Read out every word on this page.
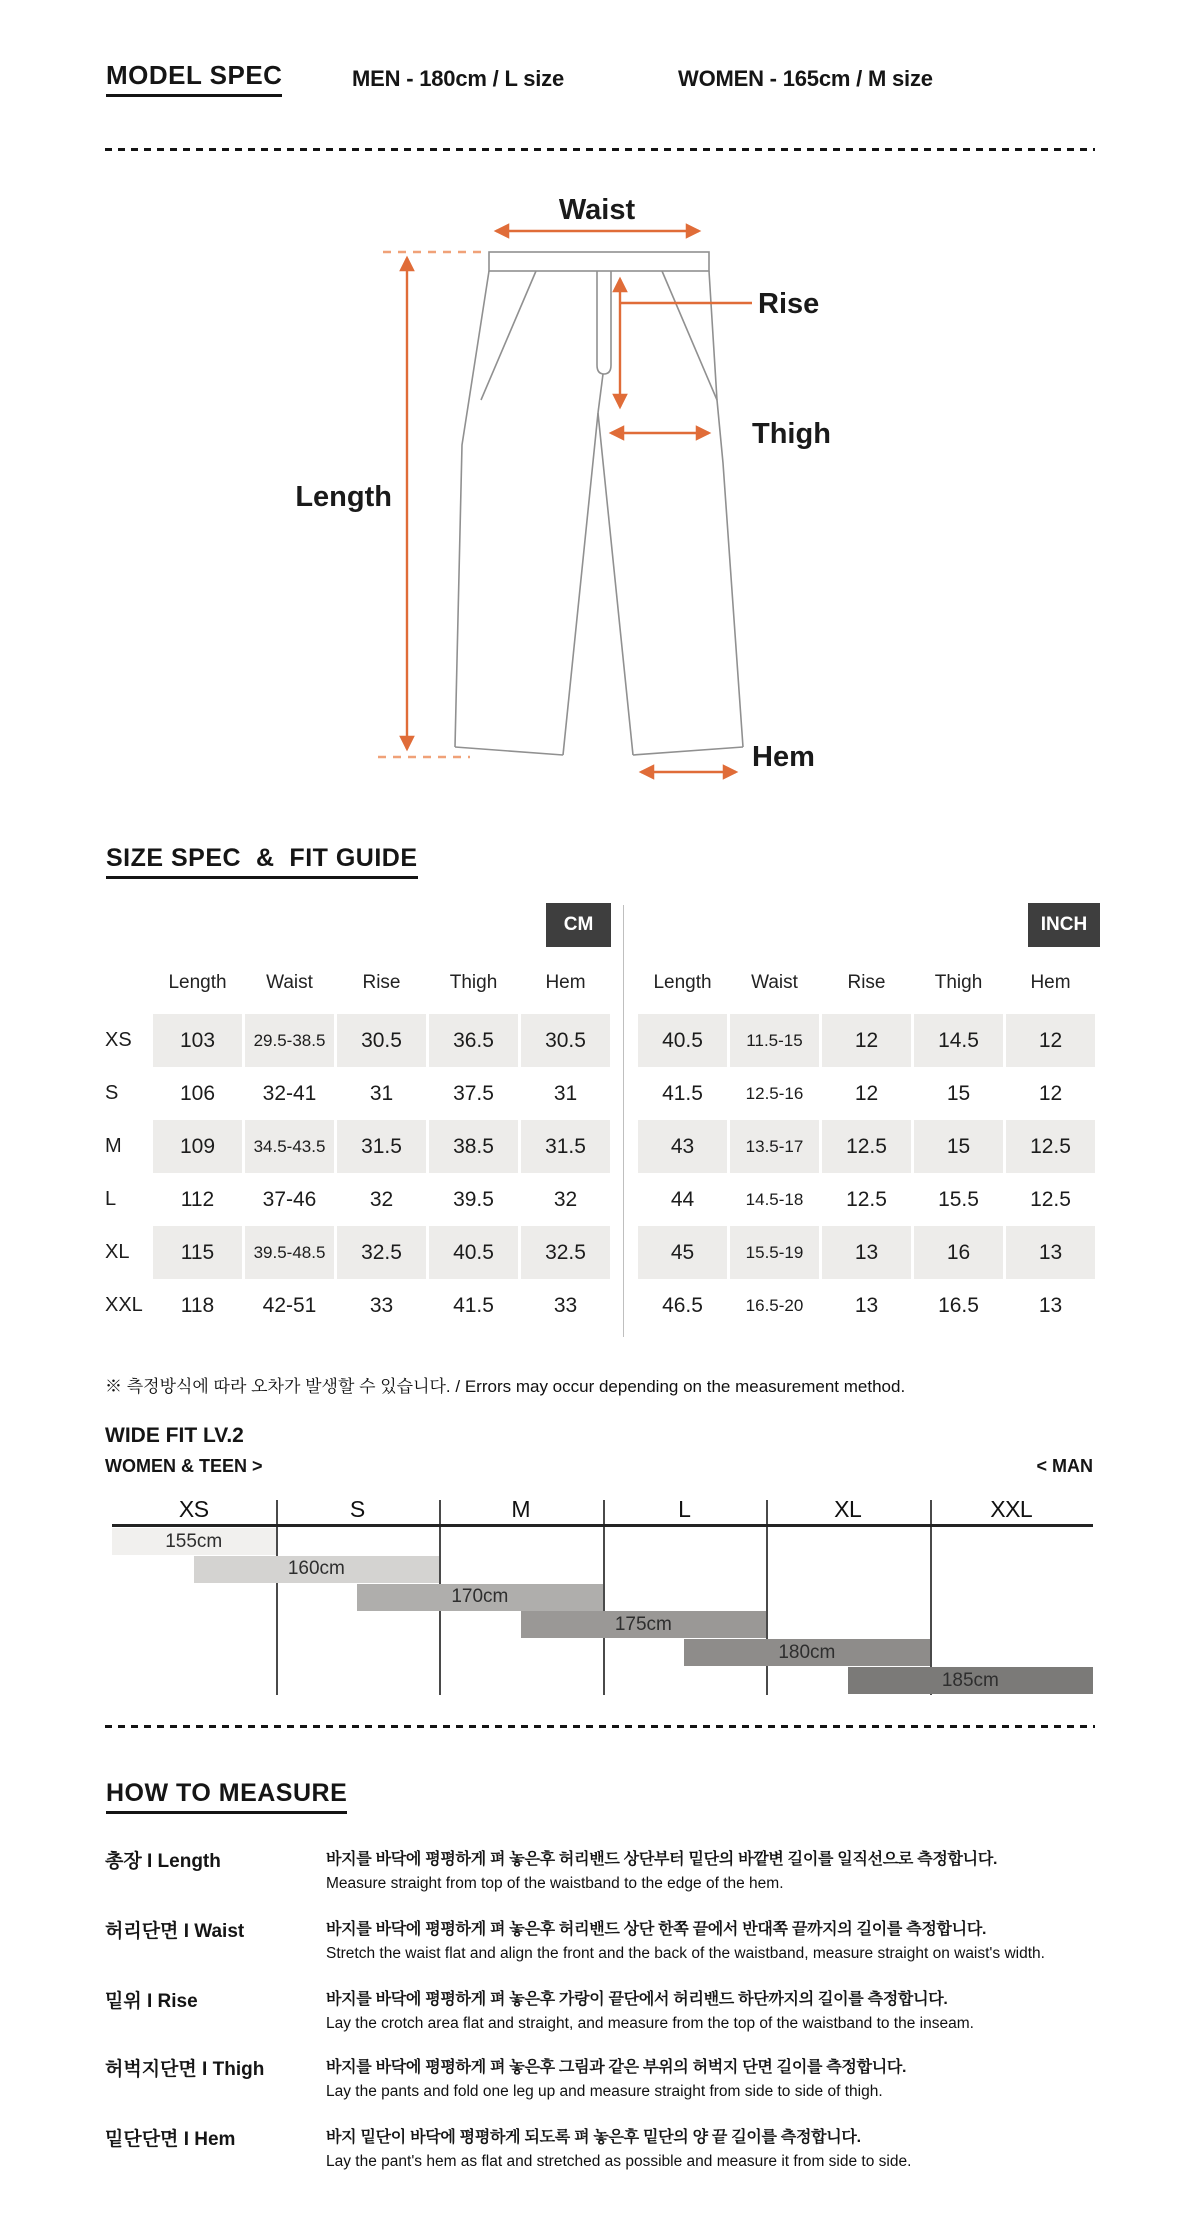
MODEL SPEC	MEN - 180cm / L size	WOMEN - 165cm / M size
Waist
Rise
Thigh
Length
Hem
SIZE SPEC  &  FIT GUIDE
CM	INCH
Length	Waist	Rise	Thigh	Hem
XS	103	29.5-38.5	30.5	36.5	30.5
S	106	32-41	31	37.5	31
M	109	34.5-43.5	31.5	38.5	31.5
L	112	37-46	32	39.5	32
XL	115	39.5-48.5	32.5	40.5	32.5
XXL	118	42-51	33	41.5	33
Length	Waist	Rise	Thigh	Hem
40.5	11.5-15	12	14.5	12
41.5	12.5-16	12	15	12
43	13.5-17	12.5	15	12.5
44	14.5-18	12.5	15.5	12.5
45	15.5-19	13	16	13
46.5	16.5-20	13	16.5	13
※ 측정방식에 따라 오차가 발생할 수 있습니다. / Errors may occur depending on the measurement method.
WIDE FIT LV.2
WOMEN & TEEN >	< MAN
XS	S	M	L	XL	XXL
155cm
160cm
170cm
175cm
180cm
185cm
HOW TO MEASURE
총장 I Length	바지를 바닥에 평평하게 펴 놓은후 허리밴드 상단부터 밑단의 바깥변 길이를 일직선으로 측정합니다.
Measure straight from top of the waistband to the edge of the hem.
허리단면 I Waist	바지를 바닥에 평평하게 펴 놓은후 허리밴드 상단 한쪽 끝에서 반대쪽 끝까지의 길이를 측정합니다.
Stretch the waist flat and align the front and the back of the waistband, measure straight on waist's width.
밑위 I Rise	바지를 바닥에 평평하게 펴 놓은후 가랑이 끝단에서 허리밴드 하단까지의 길이를 측정합니다.
Lay the crotch area flat and straight, and measure from the top of the waistband to the inseam.
허벅지단면 I Thigh	바지를 바닥에 평평하게 펴 놓은후 그림과 같은 부위의 허벅지 단면 길이를 측정합니다.
Lay the pants and fold one leg up and measure straight from side to side of thigh.
밑단단면 I Hem	바지 밑단이 바닥에 평평하게 되도록 펴 놓은후 밑단의 양 끝 길이를 측정합니다.
Lay the pant's hem as flat and stretched as possible and measure it from side to side.
